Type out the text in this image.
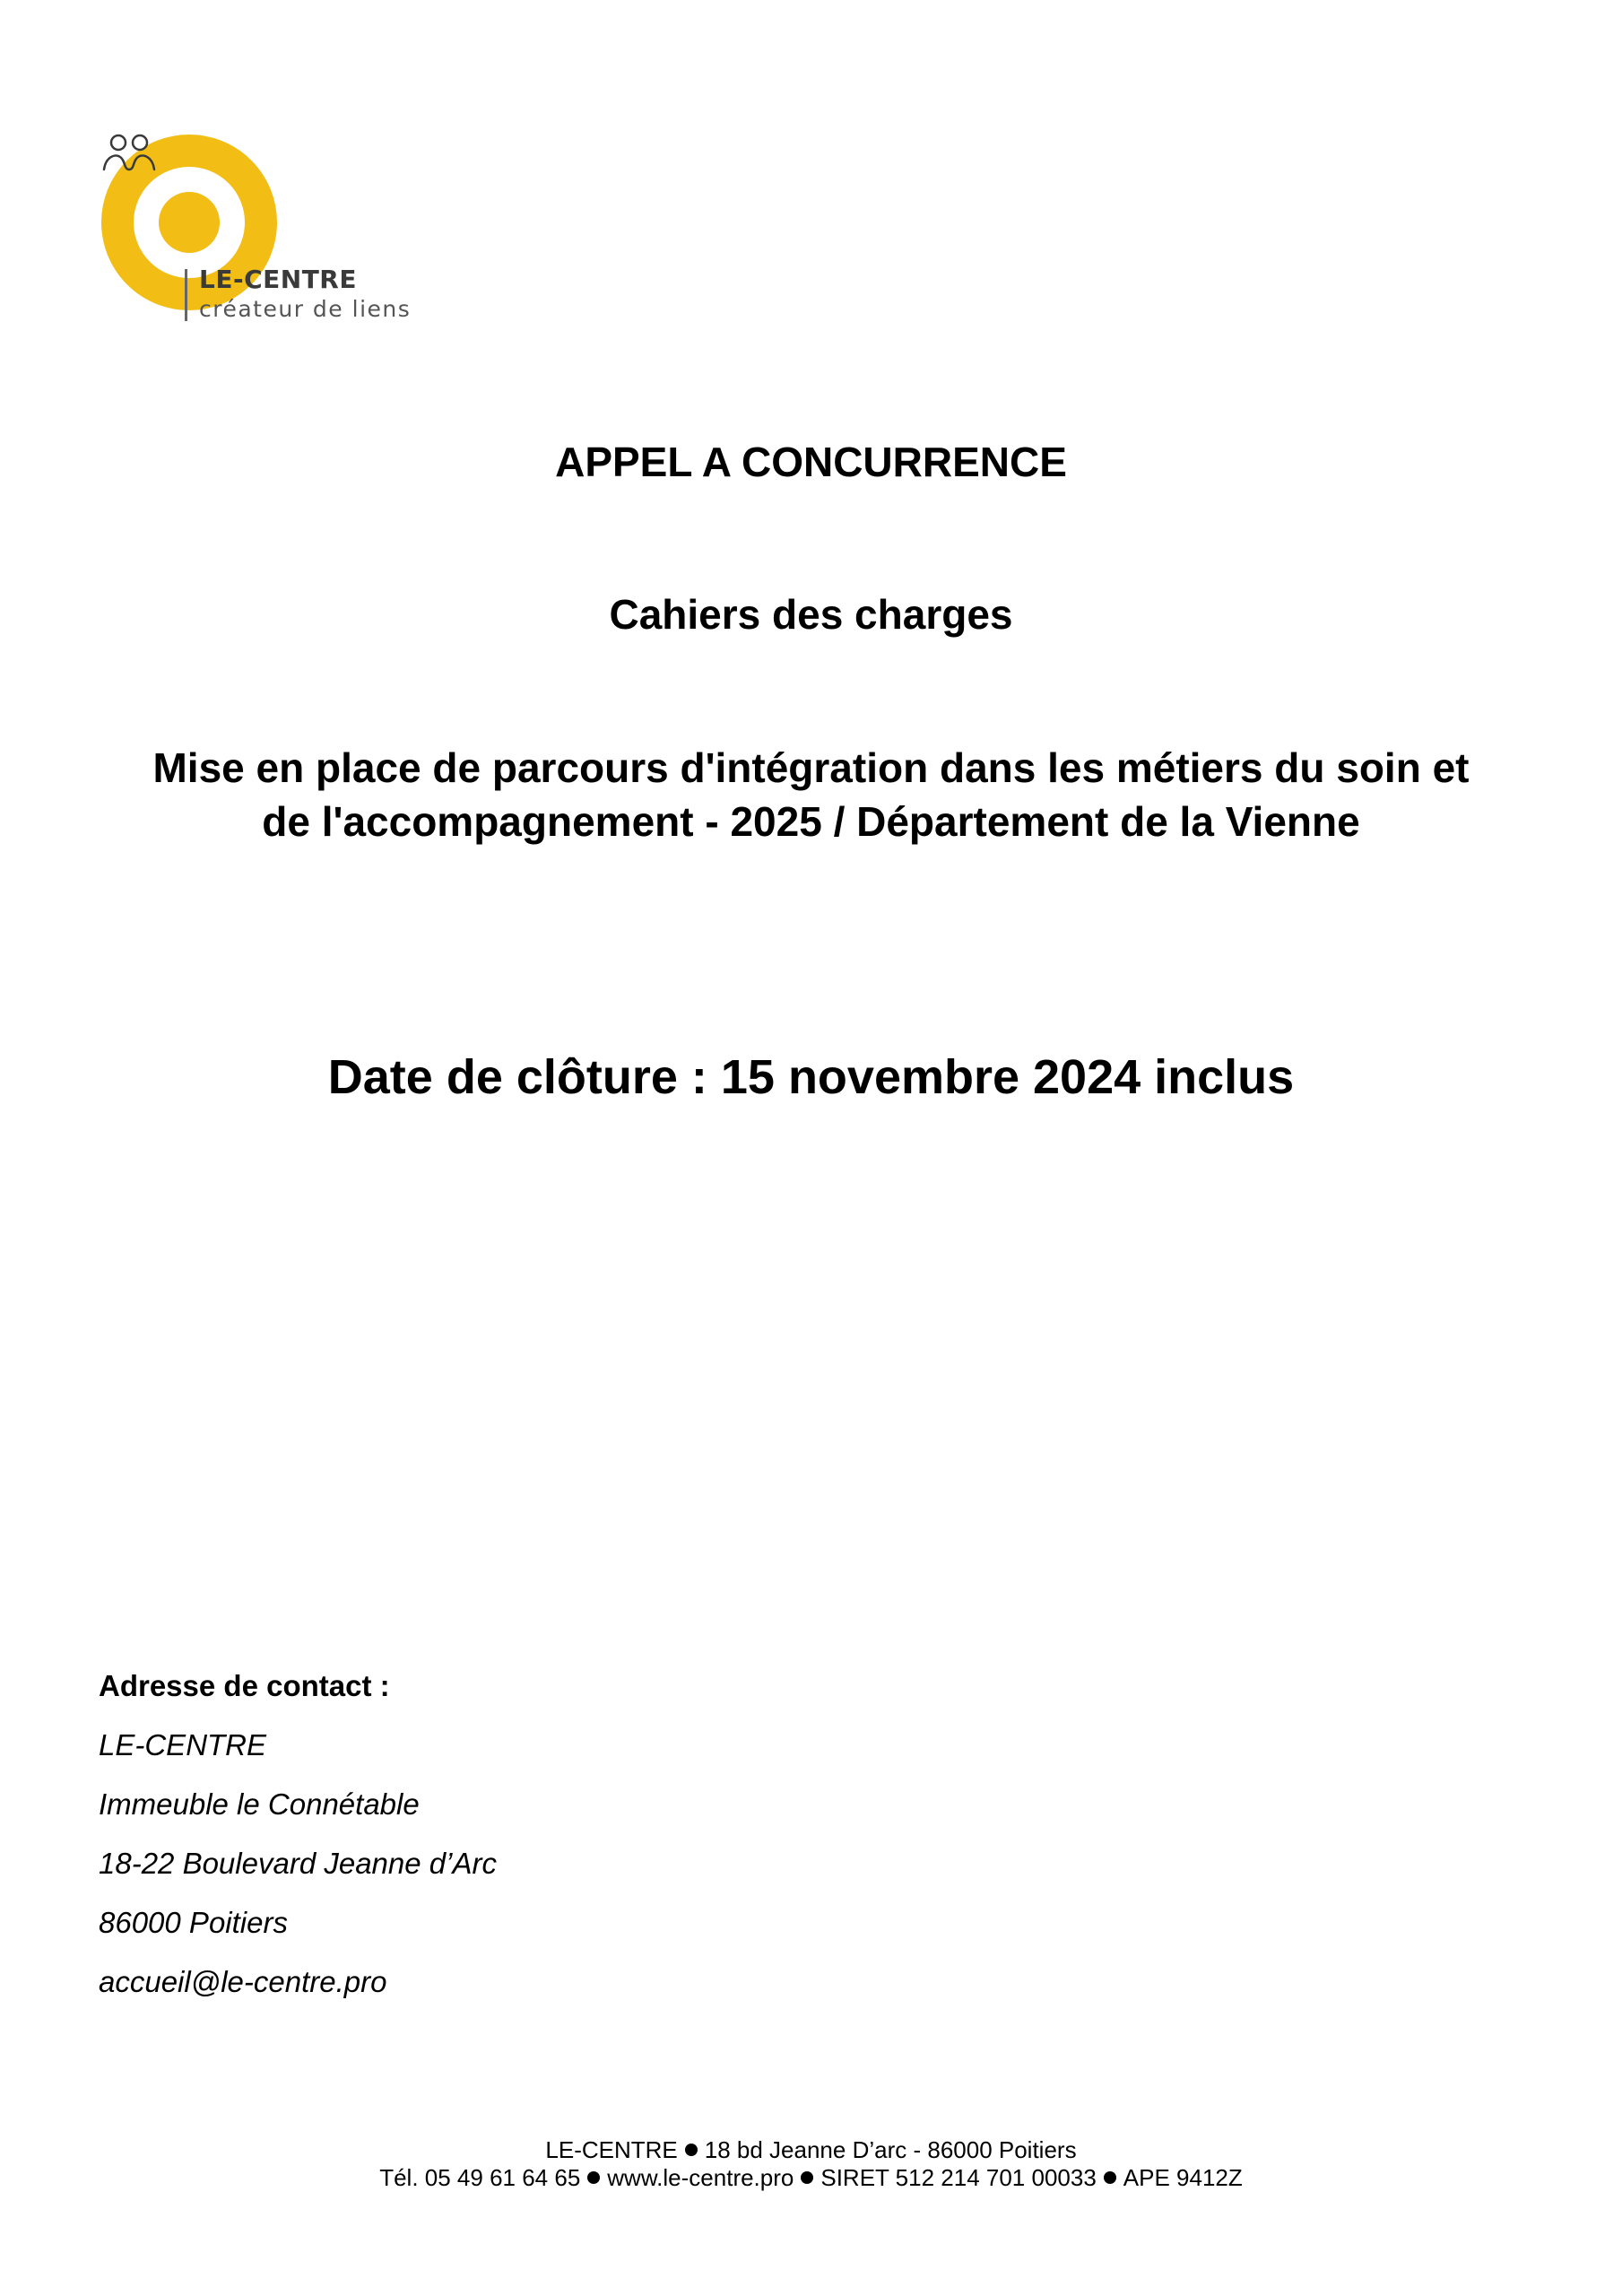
LE-CENTRE
créateur de liens
APPEL A CONCURRENCE
Cahiers des charges
Mise en place de parcours d'intégration dans les métiers du soin et
de l'accompagnement - 2025 / Département de la Vienne
Date de clôture : 15 novembre 2024 inclus
Adresse de contact :
LE-CENTRE
Immeuble le Connétable
18-22 Boulevard Jeanne d’Arc
86000 Poitiers
accueil@le-centre.pro
LE-CENTRE 18 bd Jeanne D’arc - 86000 Poitiers
Tél. 05 49 61 64 65 www.le-centre.pro SIRET 512 214 701 00033 APE 9412Z
